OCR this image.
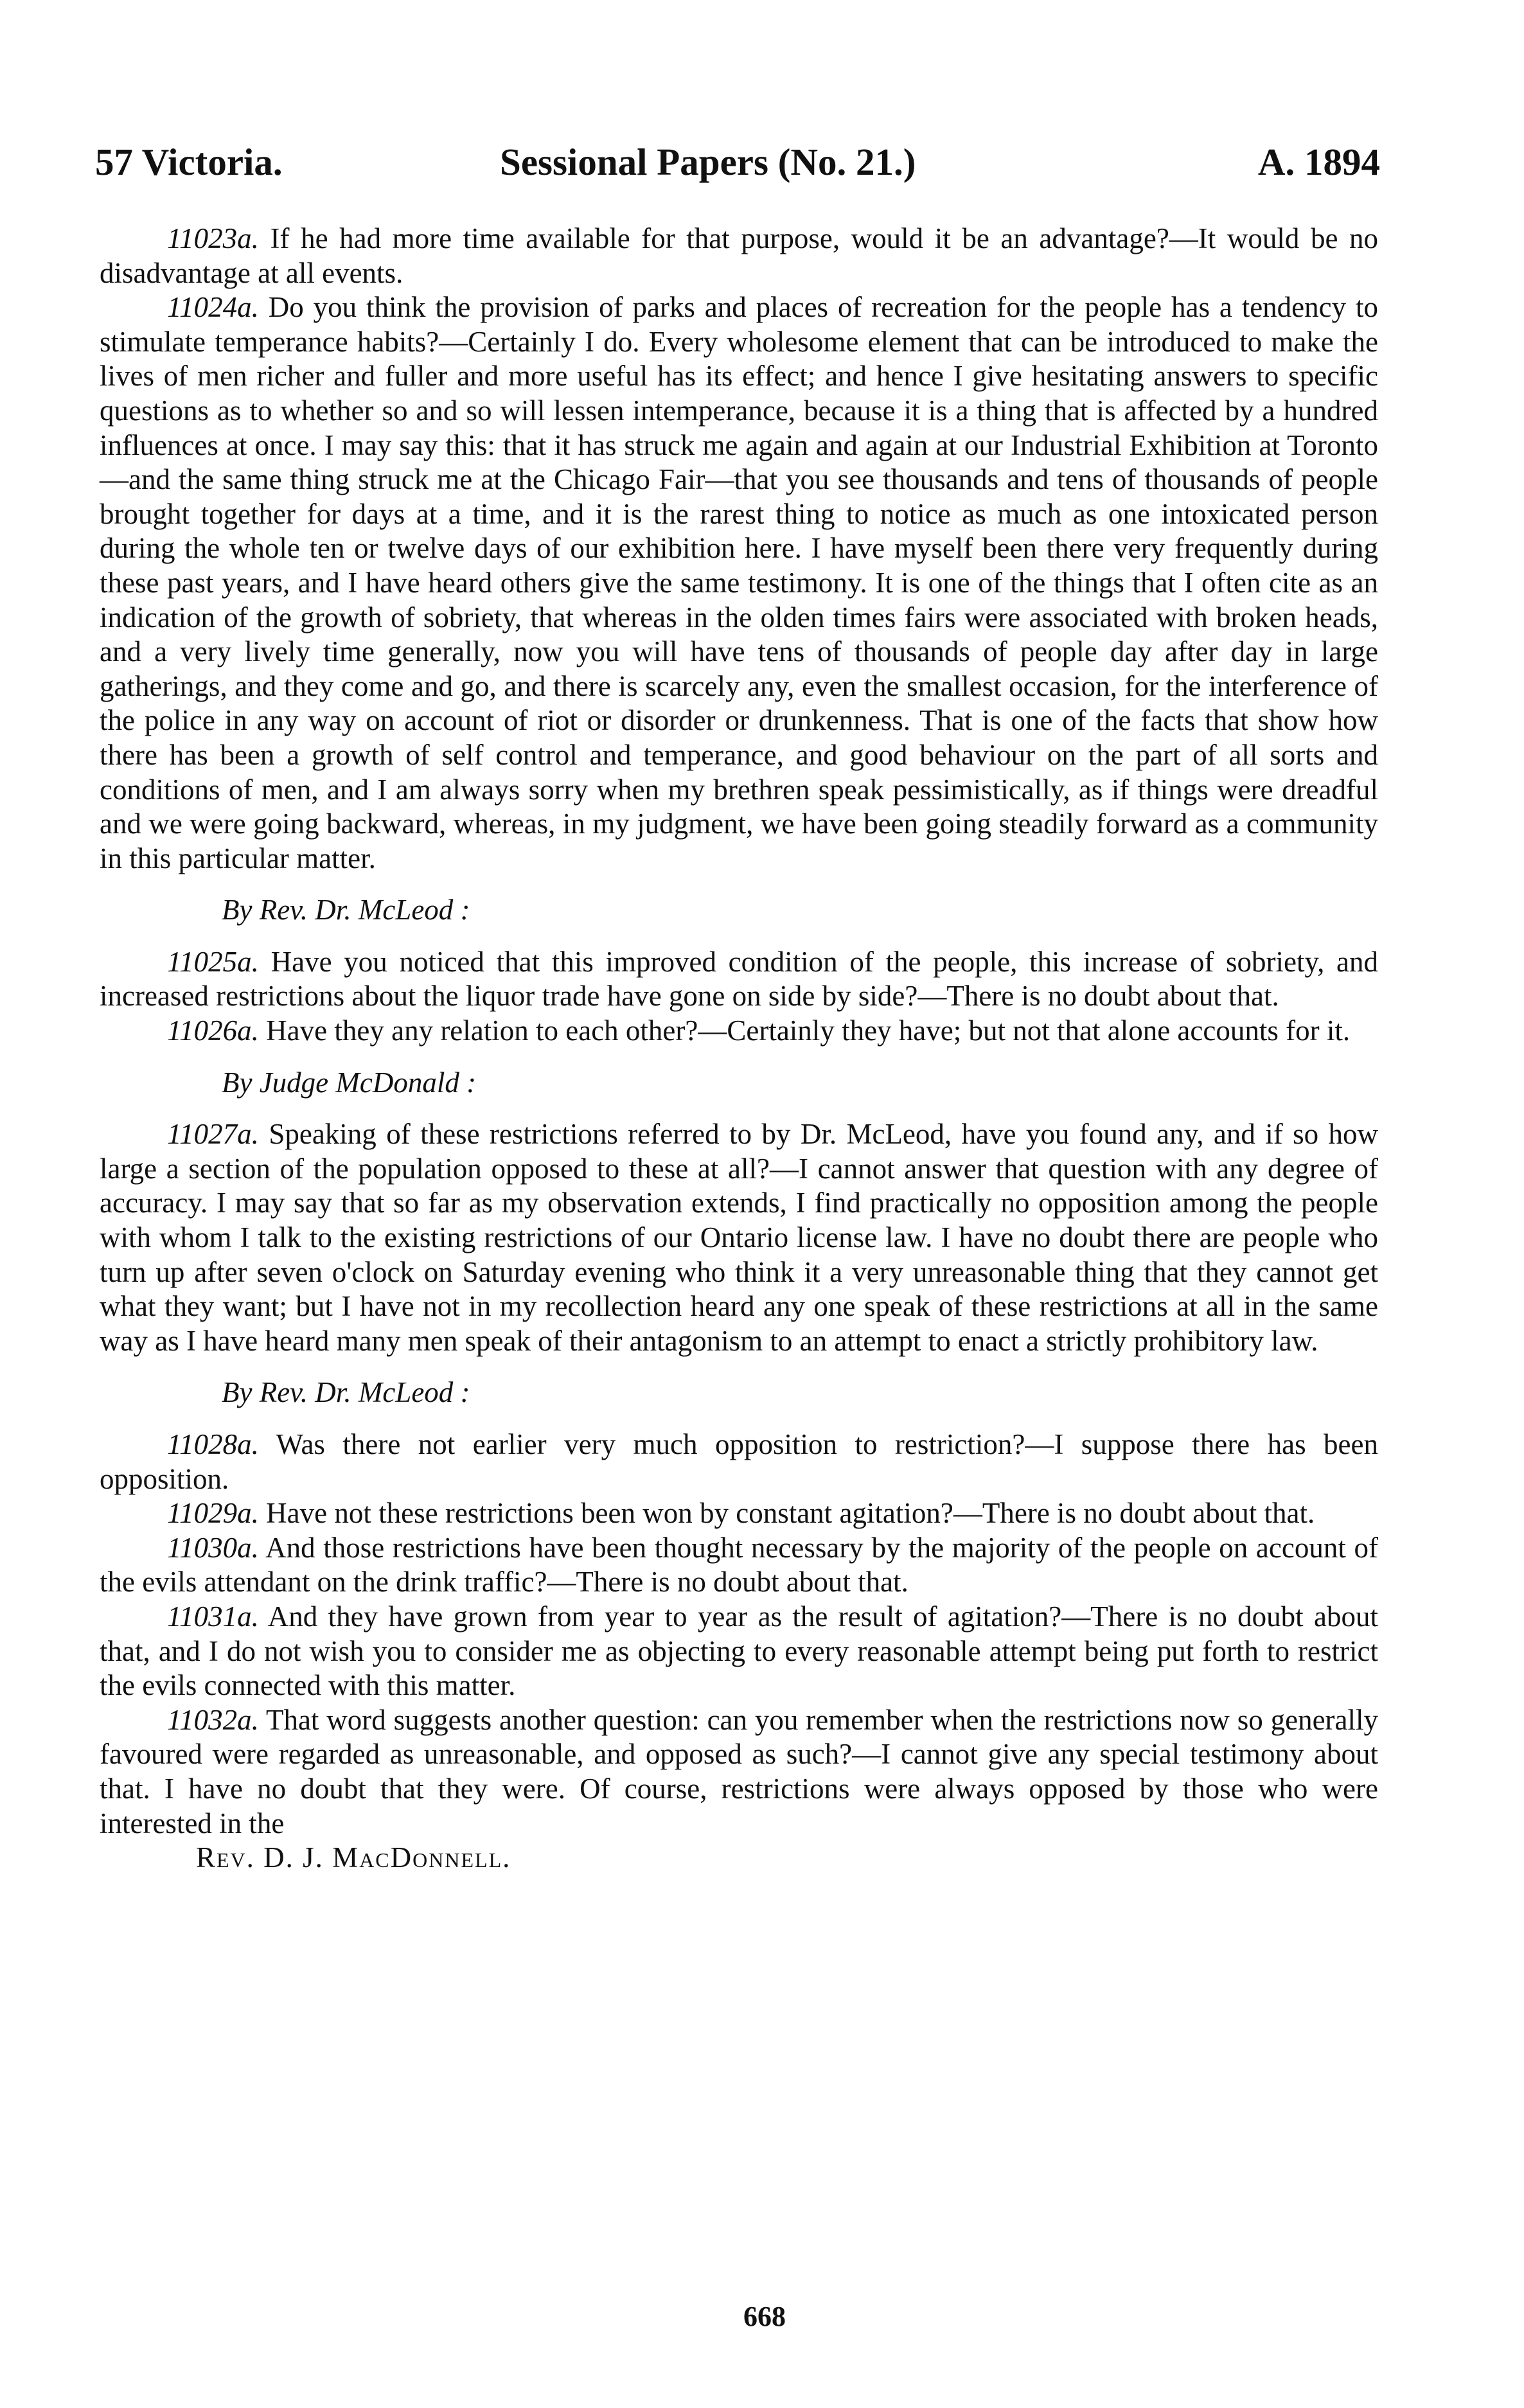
57 Victoria.	Sessional Papers (No. 21.)	A. 1894

11023a. If he had more time available for that purpose, would it be an advantage?—It would be no disadvantage at all events.

11024a. Do you think the provision of parks and places of recreation for the people has a tendency to stimulate temperance habits?—Certainly I do. Every wholesome element that can be introduced to make the lives of men richer and fuller and more useful has its effect; and hence I give hesitating answers to specific questions as to whether so and so will lessen intemperance, because it is a thing that is affected by a hundred influences at once. I may say this: that it has struck me again and again at our Industrial Exhibition at Toronto—and the same thing struck me at the Chicago Fair—that you see thousands and tens of thousands of people brought together for days at a time, and it is the rarest thing to notice as much as one intoxicated person during the whole ten or twelve days of our exhibition here. I have myself been there very frequently during these past years, and I have heard others give the same testimony. It is one of the things that I often cite as an indication of the growth of sobriety, that whereas in the olden times fairs were associated with broken heads, and a very lively time generally, now you will have tens of thousands of people day after day in large gatherings, and they come and go, and there is scarcely any, even the smallest occasion, for the interference of the police in any way on account of riot or disorder or drunkenness. That is one of the facts that show how there has been a growth of self control and temperance, and good behaviour on the part of all sorts and conditions of men, and I am always sorry when my brethren speak pessimistically, as if things were dreadful and we were going backward, whereas, in my judgment, we have been going steadily forward as a community in this particular matter.

By Rev. Dr. McLeod :

11025a. Have you noticed that this improved condition of the people, this increase of sobriety, and increased restrictions about the liquor trade have gone on side by side?—There is no doubt about that.

11026a. Have they any relation to each other?—Certainly they have; but not that alone accounts for it.

By Judge McDonald :

11027a. Speaking of these restrictions referred to by Dr. McLeod, have you found any, and if so how large a section of the population opposed to these at all?—I cannot answer that question with any degree of accuracy. I may say that so far as my observation extends, I find practically no opposition among the people with whom I talk to the existing restrictions of our Ontario license law. I have no doubt there are people who turn up after seven o'clock on Saturday evening who think it a very unreasonable thing that they cannot get what they want; but I have not in my recollection heard any one speak of these restrictions at all in the same way as I have heard many men speak of their antagonism to an attempt to enact a strictly prohibitory law.

By Rev. Dr. McLeod :

11028a. Was there not earlier very much opposition to restriction?—I suppose there has been opposition.

11029a. Have not these restrictions been won by constant agitation?—There is no doubt about that.

11030a. And those restrictions have been thought necessary by the majority of the people on account of the evils attendant on the drink traffic?—There is no doubt about that.

11031a. And they have grown from year to year as the result of agitation?—There is no doubt about that, and I do not wish you to consider me as objecting to every reasonable attempt being put forth to restrict the evils connected with this matter.

11032a. That word suggests another question: can you remember when the restrictions now so generally favoured were regarded as unreasonable, and opposed as such?—I cannot give any special testimony about that. I have no doubt that they were. Of course, restrictions were always opposed by those who were interested in the

Rev. D. J. MacDonnell.
668
